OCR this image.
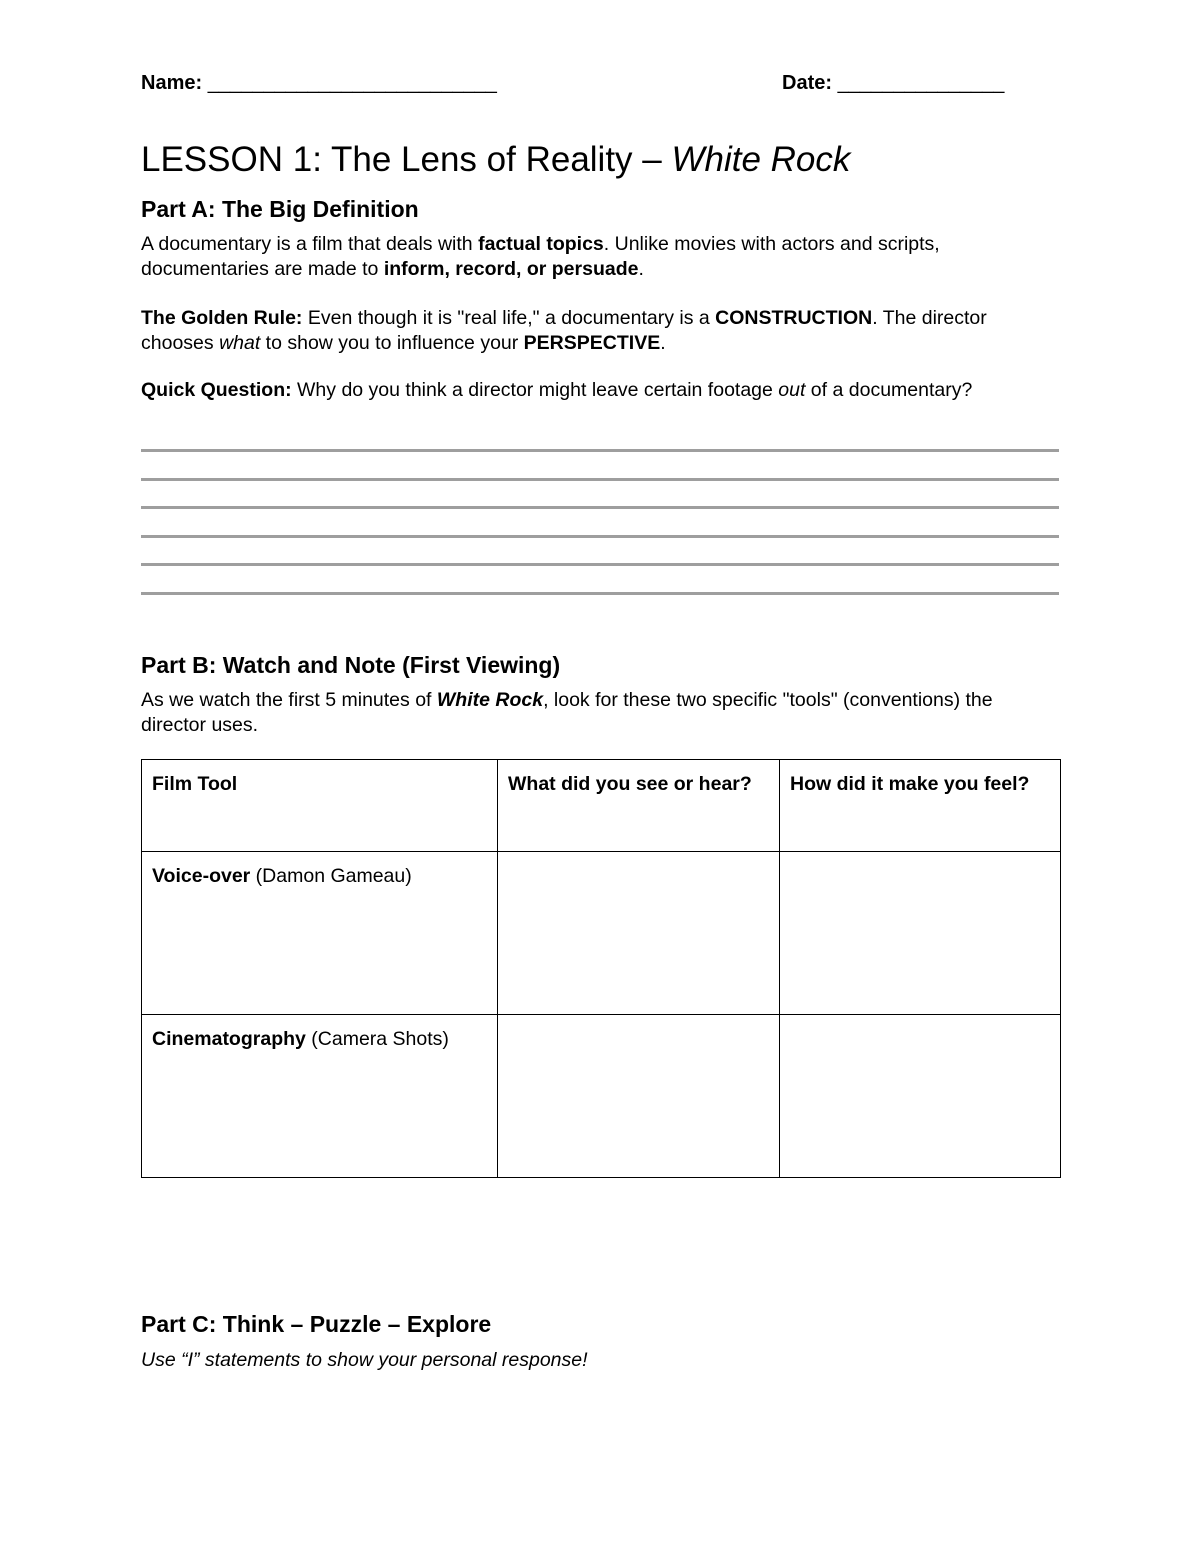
Name: __________________________	Date: _______________
LESSON 1: The Lens of Reality – White Rock
Part A: The Big Definition
A documentary is a film that deals with factual topics. Unlike movies with actors and scripts, documentaries are made to inform, record, or persuade.
The Golden Rule: Even though it is "real life," a documentary is a CONSTRUCTION. The director chooses what to show you to influence your PERSPECTIVE.
Quick Question: Why do you think a director might leave certain footage out of a documentary?
Part B: Watch and Note (First Viewing)
As we watch the first 5 minutes of White Rock, look for these two specific "tools" (conventions) the director uses.
Film Tool	What did you see or hear?	How did it make you feel?
Voice-over (Damon Gameau)		
Cinematography (Camera Shots)		
Part C: Think – Puzzle – Explore
Use “I” statements to show your personal response!
